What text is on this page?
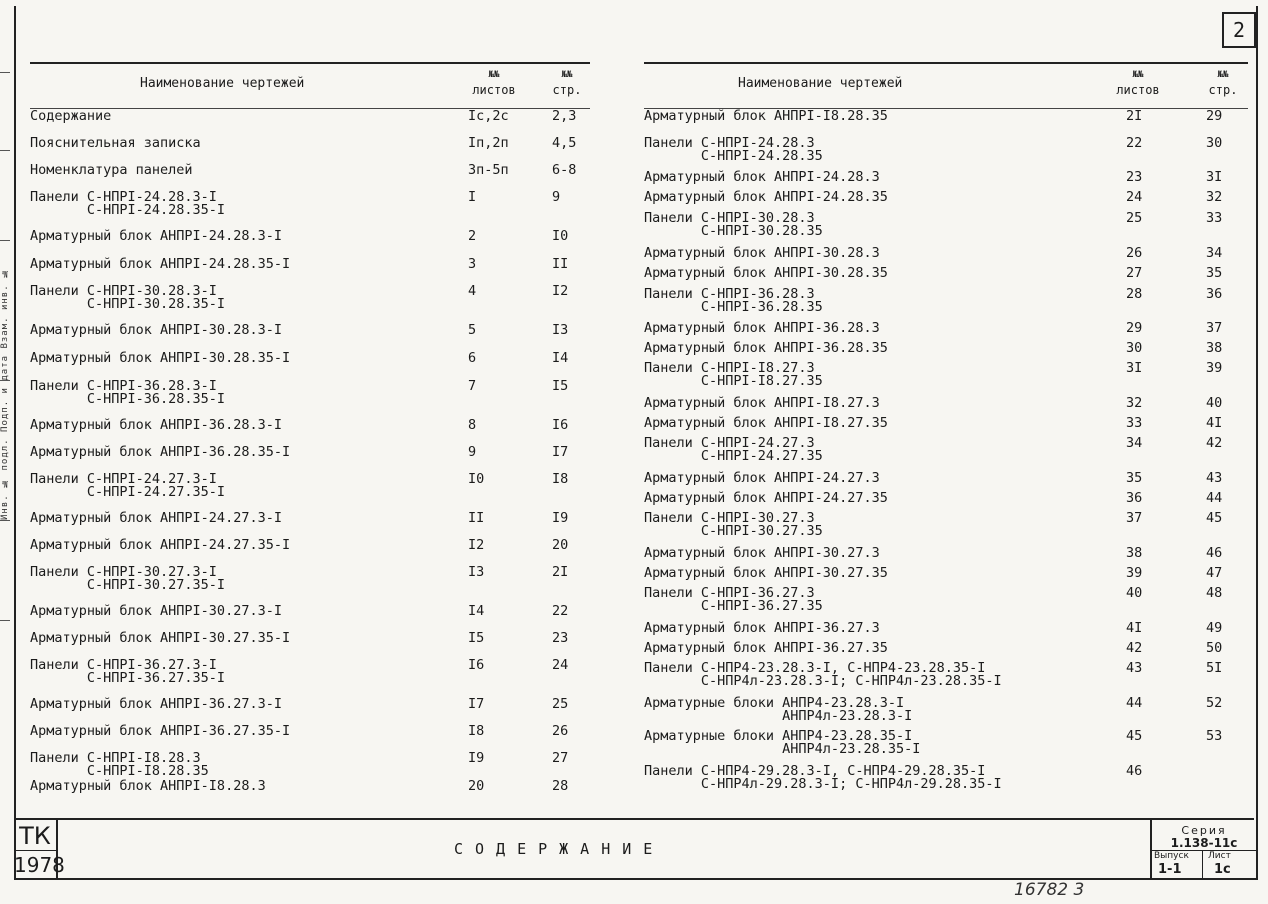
Инв. № подл. Подп. и дата Взам. инв. №
2
Наименование чертежей
№№
листов
№№
стр.
Содержание	Iс,2с	2,3
Пояснительная записка	Iп,2п	4,5
Номенклатура панелей	3п-5п	6-8
Панели С-НПРI-24.28.3-I
С-НПРI-24.28.35-I
I	9
Арматурный блок АНПРI-24.28.3-I	2	I0
Арматурный блок АНПРI-24.28.35-I	3	II
Панели С-НПРI-30.28.3-I
С-НПРI-30.28.35-I
4	I2
Арматурный блок АНПРI-30.28.3-I	5	I3
Арматурный блок АНПРI-30.28.35-I	6	I4
Панели С-НПРI-36.28.3-I
С-НПРI-36.28.35-I
7	I5
Арматурный блок АНПРI-36.28.3-I	8	I6
Арматурный блок АНПРI-36.28.35-I	9	I7
Панели С-НПРI-24.27.3-I
С-НПРI-24.27.35-I
I0	I8
Арматурный блок АНПРI-24.27.3-I	II	I9
Арматурный блок АНПРI-24.27.35-I	I2	20
Панели С-НПРI-30.27.3-I
С-НПРI-30.27.35-I
I3	2I
Арматурный блок АНПРI-30.27.3-I	I4	22
Арматурный блок АНПРI-30.27.35-I	I5	23
Панели С-НПРI-36.27.3-I
С-НПРI-36.27.35-I
I6	24
Арматурный блок АНПРI-36.27.3-I	I7	25
Арматурный блок АНПРI-36.27.35-I	I8	26
Панели С-НПРI-I8.28.3
С-НПРI-I8.28.35
I9	27
Арматурный блок АНПРI-I8.28.3	20	28
Наименование чертежей
№№
листов
№№
стр.
Арматурный блок АНПРI-I8.28.35	2I	29
Панели С-НПРI-24.28.3
С-НПРI-24.28.35
22	30
Арматурный блок АНПРI-24.28.3	23	3I
Арматурный блок АНПРI-24.28.35	24	32
Панели С-НПРI-30.28.3
С-НПРI-30.28.35
25	33
Арматурный блок АНПРI-30.28.3	26	34
Арматурный блок АНПРI-30.28.35	27	35
Панели С-НПРI-36.28.3
С-НПРI-36.28.35
28	36
Арматурный блок АНПРI-36.28.3	29	37
Арматурный блок АНПРI-36.28.35	30	38
Панели С-НПРI-I8.27.3
С-НПРI-I8.27.35
3I	39
Арматурный блок АНПРI-I8.27.3	32	40
Арматурный блок АНПРI-I8.27.35	33	4I
Панели С-НПРI-24.27.3
С-НПРI-24.27.35
34	42
Арматурный блок АНПРI-24.27.3	35	43
Арматурный блок АНПРI-24.27.35	36	44
Панели С-НПРI-30.27.3
С-НПРI-30.27.35
37	45
Арматурный блок АНПРI-30.27.3	38	46
Арматурный блок АНПРI-30.27.35	39	47
Панели С-НПРI-36.27.3
С-НПРI-36.27.35
40	48
Арматурный блок АНПРI-36.27.3	4I	49
Арматурный блок АНПРI-36.27.35	42	50
Панели С-НПР4-23.28.3-I, С-НПР4-23.28.35-I
С-НПР4л-23.28.3-I; С-НПР4л-23.28.35-I
43	5I
Арматурные блоки АНПР4-23.28.3-I
АНПР4л-23.28.3-I
44	52
Арматурные блоки АНПР4-23.28.35-I
АНПР4л-23.28.35-I
45	53
Панели С-НПР4-29.28.3-I, С-НПР4-29.28.35-I
С-НПР4л-29.28.3-I; С-НПР4л-29.28.35-I
46
ТК
1978
СОДЕРЖАНИЕ
Серия
1.138-11с
Выпуск Лист
1-1	1с
16782 3
